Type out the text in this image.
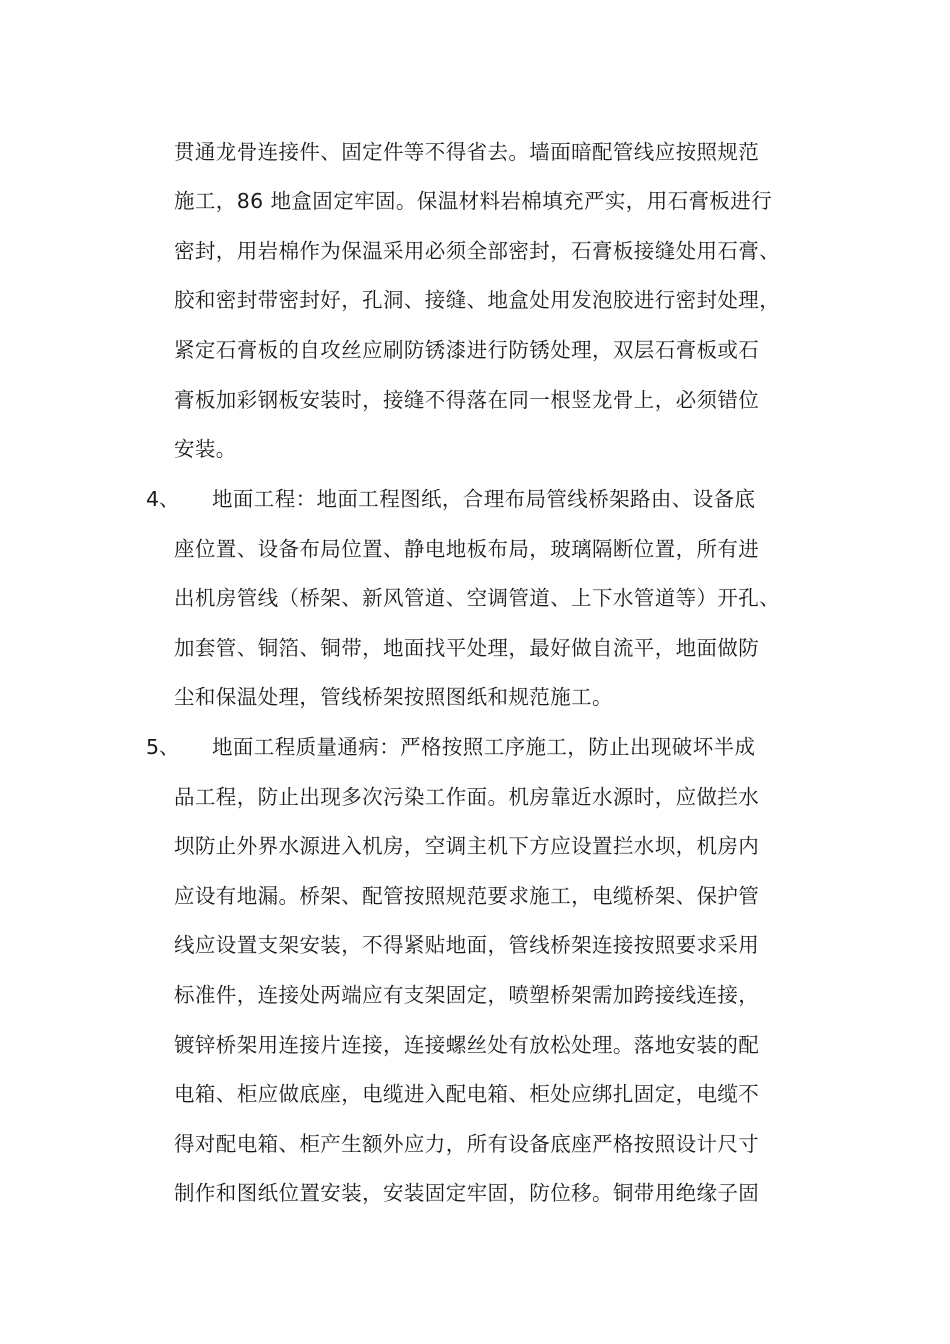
贯通龙骨连接件、固定件等不得省去。墙面暗配管线应按照规范
施工，86 地盒固定牢固。保温材料岩棉填充严实，用石膏板进行
密封，用岩棉作为保温采用必须全部密封，石膏板接缝处用石膏、
胶和密封带密封好，孔洞、接缝、地盒处用发泡胶进行密封处理，
紧定石膏板的自攻丝应刷防锈漆进行防锈处理，双层石膏板或石
膏板加彩钢板安装时，接缝不得落在同一根竖龙骨上，必须错位
安装。
4、 地面工程：地面工程图纸，合理布局管线桥架路由、设备底
座位置、设备布局位置、静电地板布局，玻璃隔断位置，所有进
出机房管线（桥架、新风管道、空调管道、上下水管道等）开孔、
加套管、铜箔、铜带，地面找平处理，最好做自流平，地面做防
尘和保温处理，管线桥架按照图纸和规范施工。
5、 地面工程质量通病：严格按照工序施工，防止出现破坏半成
品工程，防止出现多次污染工作面。机房靠近水源时，应做拦水
坝防止外界水源进入机房，空调主机下方应设置拦水坝，机房内
应设有地漏。桥架、配管按照规范要求施工，电缆桥架、保护管
线应设置支架安装，不得紧贴地面，管线桥架连接按照要求采用
标准件，连接处两端应有支架固定，喷塑桥架需加跨接线连接，
镀锌桥架用连接片连接，连接螺丝处有放松处理。落地安装的配
电箱、柜应做底座，电缆进入配电箱、柜处应绑扎固定，电缆不
得对配电箱、柜产生额外应力，所有设备底座严格按照设计尺寸
制作和图纸位置安装，安装固定牢固，防位移。铜带用绝缘子固
